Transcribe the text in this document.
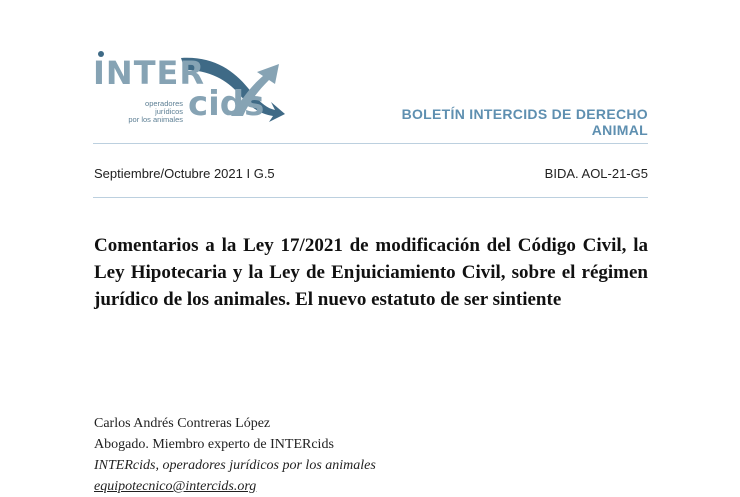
INTER
cids
operadores
jurídicos
por los animales	BOLETÍN INTERCIDS DE DERECHO ANIMAL
Septiembre/Octubre 2021 I G.5	BIDA. AOL-21-G5
Comentarios a la Ley 17/2021 de modificación del Código Civil, la Ley Hipotecaria y la Ley de Enjuiciamiento Civil, sobre el régimen jurídico de los animales. El nuevo estatuto de ser sintiente
Carlos Andrés Contreras López
Abogado. Miembro experto de INTERcids
INTERcids, operadores jurídicos por los animales
equipotecnico@intercids.org
